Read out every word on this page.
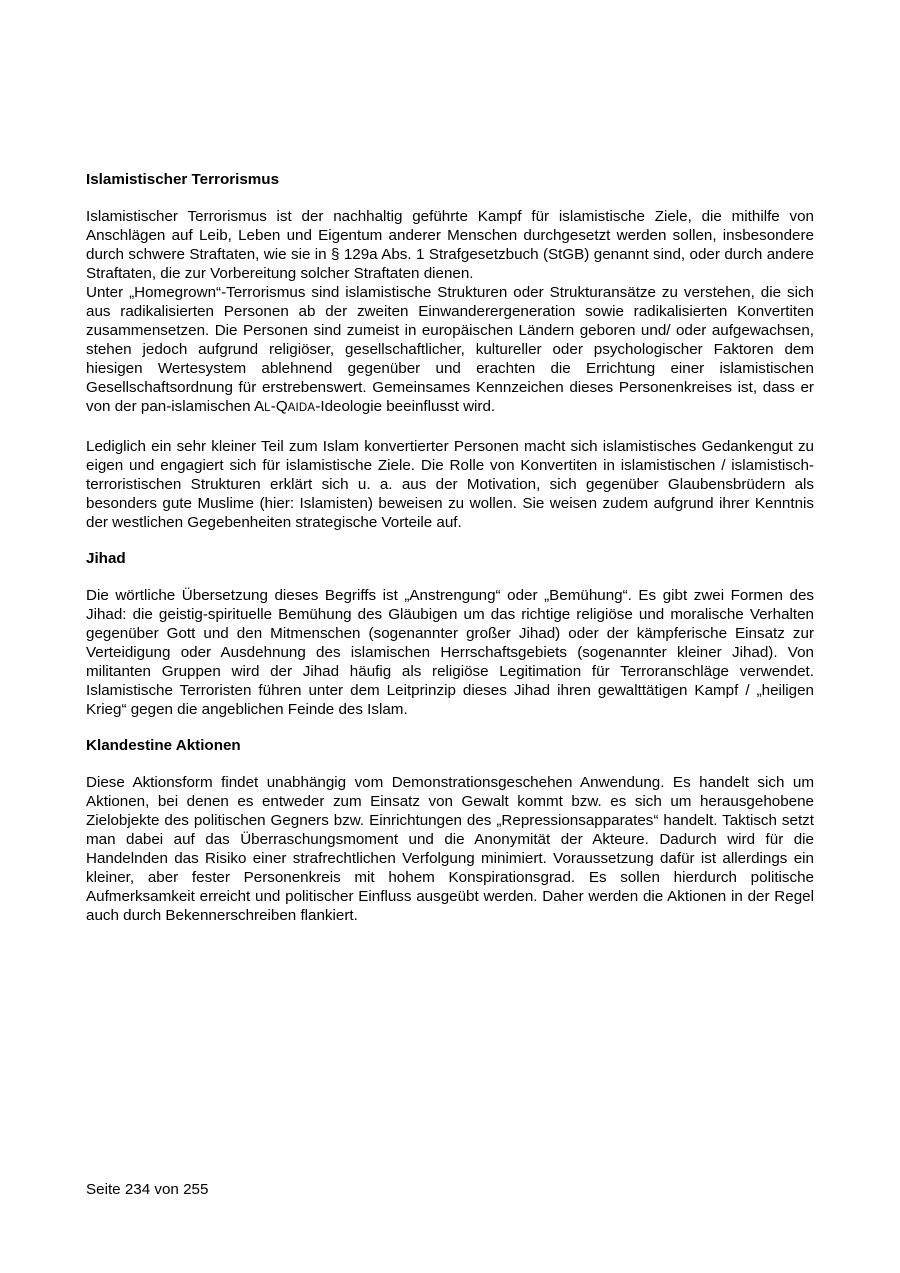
Islamistischer Terrorismus

Islamistischer Terrorismus ist der nachhaltig geführte Kampf für islamistische Ziele, die mithilfe von Anschlägen auf Leib, Leben und Eigentum anderer Menschen durchgesetzt werden sollen, insbesondere durch schwere Straftaten, wie sie in § 129a Abs. 1 Strafgesetzbuch (StGB) genannt sind, oder durch andere Straftaten, die zur Vorbereitung solcher Straftaten dienen.

Unter „Homegrown“-Terrorismus sind islamistische Strukturen oder Strukturansätze zu verstehen, die sich aus radikalisierten Personen ab der zweiten Einwanderergeneration sowie radikalisierten Konvertiten zusammensetzen. Die Personen sind zumeist in europäischen Ländern geboren und/ oder aufgewachsen, stehen jedoch aufgrund religiöser, gesellschaftlicher, kultureller oder psychologischer Faktoren dem hiesigen Wertesystem ablehnend gegenüber und erachten die Errichtung einer islamistischen Gesellschaftsordnung für erstrebenswert. Gemeinsames Kennzeichen dieses Personenkreises ist, dass er von der pan-islamischen AL-QAIDA-Ideologie beeinflusst wird.

Lediglich ein sehr kleiner Teil zum Islam konvertierter Personen macht sich islamistisches Gedankengut zu eigen und engagiert sich für islamistische Ziele. Die Rolle von Konvertiten in islamistischen / islamistisch-terroristischen Strukturen erklärt sich u. a. aus der Motivation, sich gegenüber Glaubensbrüdern als besonders gute Muslime (hier: Islamisten) beweisen zu wollen. Sie weisen zudem aufgrund ihrer Kenntnis der westlichen Gegebenheiten strategische Vorteile auf.

Jihad

Die wörtliche Übersetzung dieses Begriffs ist „Anstrengung“ oder „Bemühung“. Es gibt zwei Formen des Jihad: die geistig-spirituelle Bemühung des Gläubigen um das richtige religiöse und moralische Verhalten gegenüber Gott und den Mitmenschen (sogenannter großer Jihad) oder der kämpferische Einsatz zur Verteidigung oder Ausdehnung des islamischen Herrschaftsgebiets (sogenannter kleiner Jihad). Von militanten Gruppen wird der Jihad häufig als religiöse Legitimation für Terroranschläge verwendet. Islamistische Terroristen führen unter dem Leitprinzip dieses Jihad ihren gewalttätigen Kampf / „heiligen Krieg“ gegen die angeblichen Feinde des Islam.

Klandestine Aktionen

Diese Aktionsform findet unabhängig vom Demonstrationsgeschehen Anwendung. Es handelt sich um Aktionen, bei denen es entweder zum Einsatz von Gewalt kommt bzw. es sich um herausgehobene Zielobjekte des politischen Gegners bzw. Einrichtungen des „Repressionsapparates“ handelt. Taktisch setzt man dabei auf das Überraschungsmoment und die Anonymität der Akteure. Dadurch wird für die Handelnden das Risiko einer strafrechtlichen Verfolgung minimiert. Voraussetzung dafür ist allerdings ein kleiner, aber fester Personenkreis mit hohem Konspirationsgrad. Es sollen hierdurch politische Aufmerksamkeit erreicht und politischer Einfluss ausgeübt werden. Daher werden die Aktionen in der Regel auch durch Bekennerschreiben flankiert.

Seite 234 von 255
